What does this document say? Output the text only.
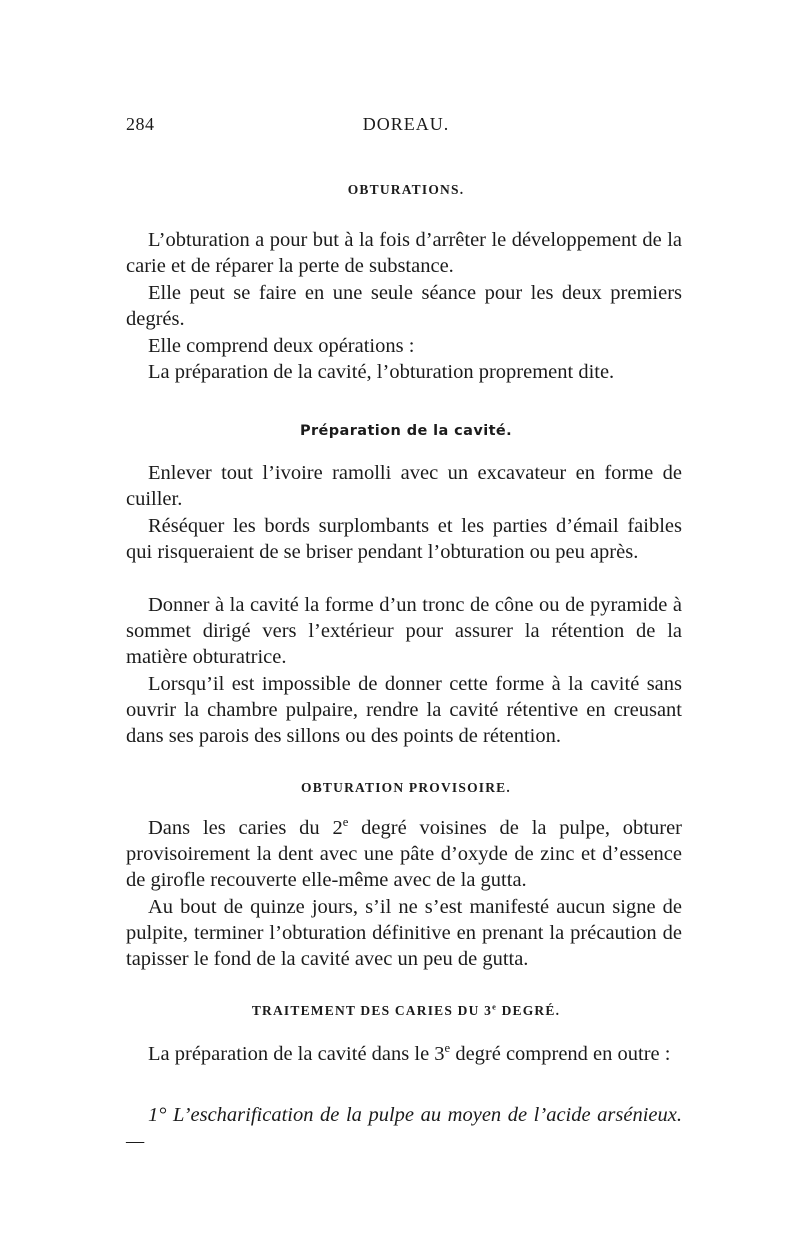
284	DOREAU.
OBTURATIONS.

L’obturation a pour but à la fois d’arrêter le développement de la carie et de réparer la perte de substance.

Elle peut se faire en une seule séance pour les deux premiers degrés.

Elle comprend deux opérations :

La préparation de la cavité, l’obturation proprement dite.

Préparation de la cavité.

Enlever tout l’ivoire ramolli avec un excavateur en forme de cuiller.

Réséquer les bords surplombants et les parties d’émail faibles qui risqueraient de se briser pendant l’obturation ou peu après.

Donner à la cavité la forme d’un tronc de cône ou de pyramide à sommet dirigé vers l’extérieur pour assurer la rétention de la matière obturatrice.

Lorsqu’il est impossible de donner cette forme à la cavité sans ouvrir la chambre pulpaire, rendre la cavité rétentive en creusant dans ses parois des sillons ou des points de rétention.

OBTURATION PROVISOIRE.

Dans les caries du 2e degré voisines de la pulpe, obturer provisoirement la dent avec une pâte d’oxyde de zinc et d’essence de girofle recouverte elle-même avec de la gutta.

Au bout de quinze jours, s’il ne s’est manifesté aucun signe de pulpite, terminer l’obturation définitive en prenant la précaution de tapisser le fond de la cavité avec un peu de gutta.

TRAITEMENT DES CARIES DU 3e DEGRÉ.

La préparation de la cavité dans le 3e degré comprend en outre :

1° L’escharification de la pulpe au moyen de l’acide arsénieux. —
